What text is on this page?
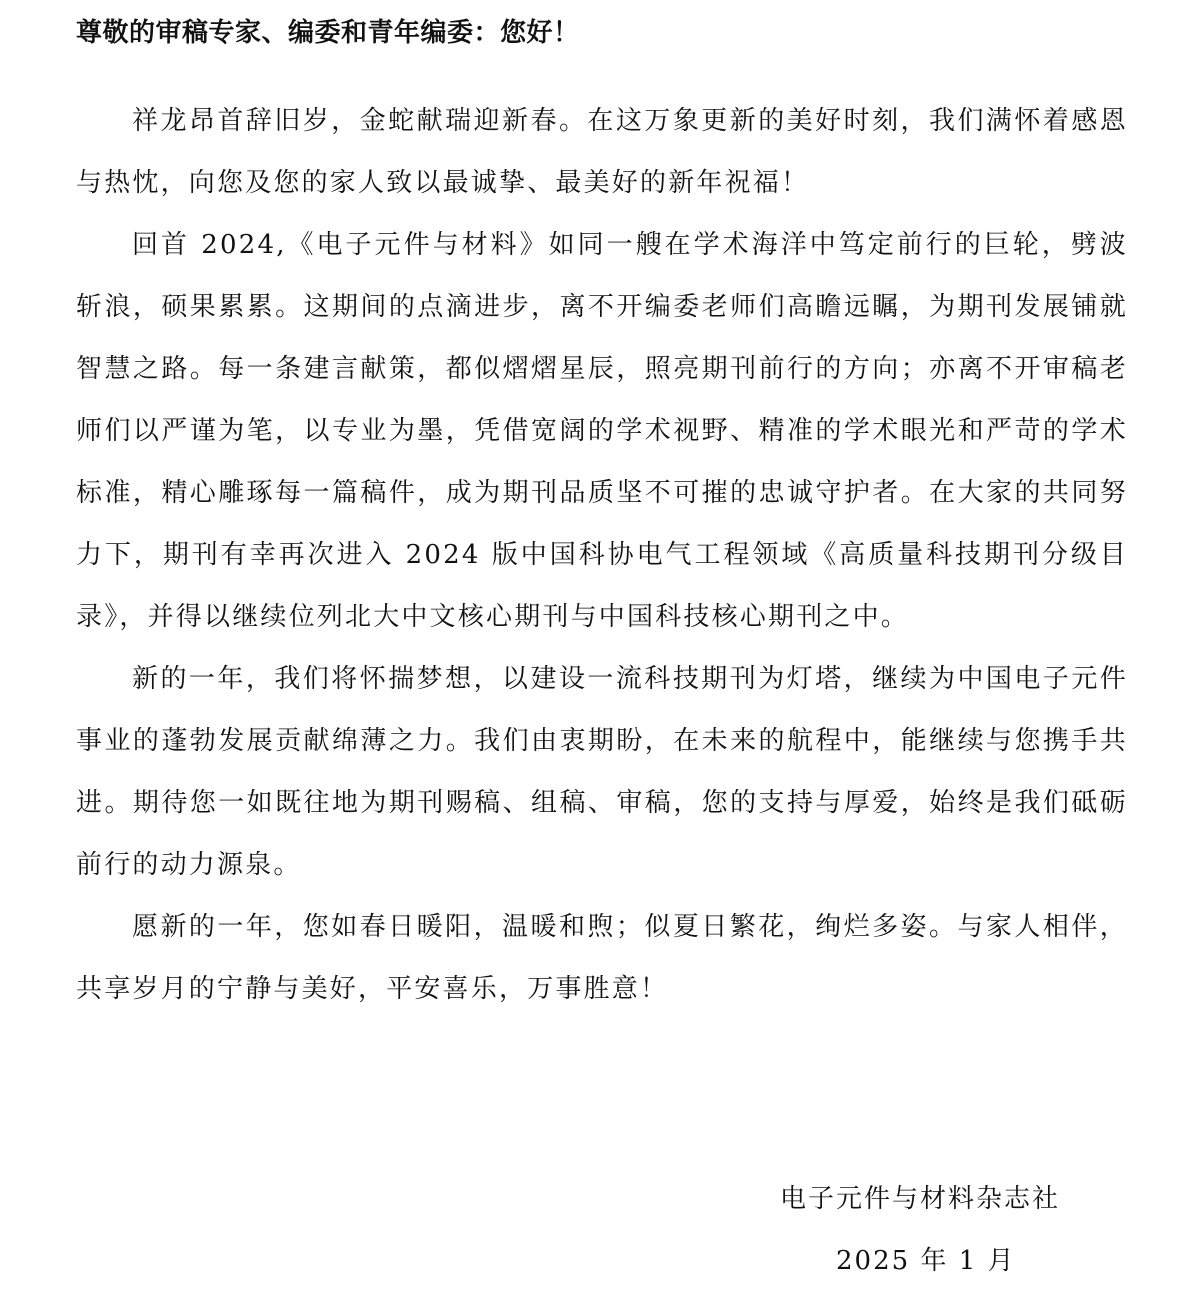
尊敬的审稿专家、编委和青年编委：您好！

祥龙昂首辞旧岁，金蛇献瑞迎新春。在这万象更新的美好时刻，我们满怀着感恩与热忱，向您及您的家人致以最诚挚、最美好的新年祝福！

回首 2024,《电子元件与材料》如同一艘在学术海洋中笃定前行的巨轮，劈波斩浪，硕果累累。这期间的点滴进步，离不开编委老师们高瞻远瞩，为期刊发展铺就智慧之路。每一条建言献策，都似熠熠星辰，照亮期刊前行的方向；亦离不开审稿老师们以严谨为笔，以专业为墨，凭借宽阔的学术视野、精准的学术眼光和严苛的学术标准，精心雕琢每一篇稿件，成为期刊品质坚不可摧的忠诚守护者。在大家的共同努力下，期刊有幸再次进入 2024 版中国科协电气工程领域《高质量科技期刊分级目录》，并得以继续位列北大中文核心期刊与中国科技核心期刊之中。

新的一年，我们将怀揣梦想，以建设一流科技期刊为灯塔，继续为中国电子元件事业的蓬勃发展贡献绵薄之力。我们由衷期盼，在未来的航程中，能继续与您携手共进。期待您一如既往地为期刊赐稿、组稿、审稿，您的支持与厚爱，始终是我们砥砺前行的动力源泉。

愿新的一年，您如春日暖阳，温暖和煦；似夏日繁花，绚烂多姿。与家人相伴，共享岁月的宁静与美好，平安喜乐，万事胜意！

电子元件与材料杂志社

2025 年 1 月
